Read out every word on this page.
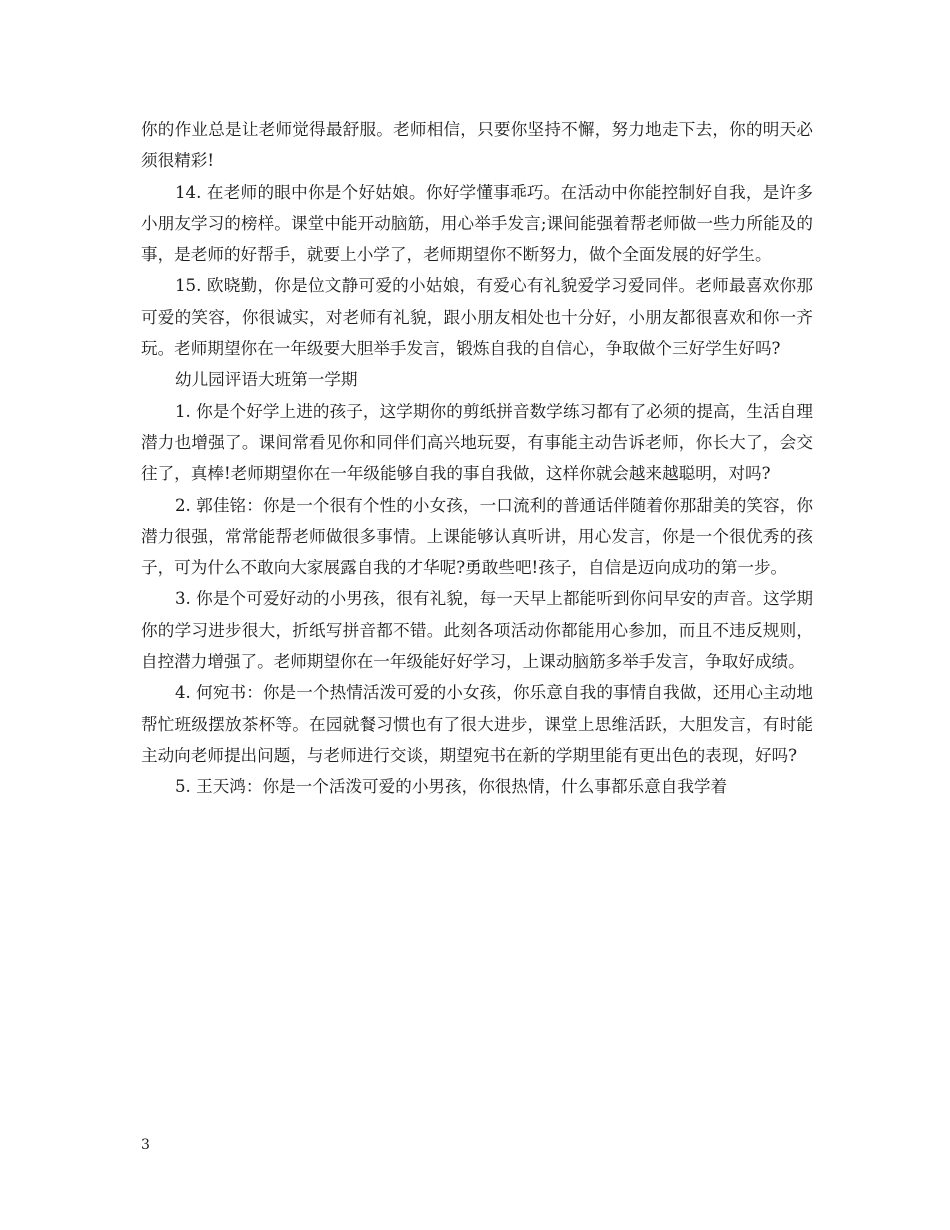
你的作业总是让老师觉得最舒服。老师相信，只要你坚持不懈，努力地走下去，你的明天必须很精彩!

14. 在老师的眼中你是个好姑娘。你好学懂事乖巧。在活动中你能控制好自我，是许多小朋友学习的榜样。课堂中能开动脑筋，用心举手发言;课间能强着帮老师做一些力所能及的事，是老师的好帮手，就要上小学了，老师期望你不断努力，做个全面发展的好学生。

15. 欧晓勤，你是位文静可爱的小姑娘，有爱心有礼貌爱学习爱同伴。老师最喜欢你那可爱的笑容，你很诚实，对老师有礼貌，跟小朋友相处也十分好，小朋友都很喜欢和你一齐玩。老师期望你在一年级要大胆举手发言，锻炼自我的自信心，争取做个三好学生好吗?

幼儿园评语大班第一学期

1. 你是个好学上进的孩子，这学期你的剪纸拼音数学练习都有了必须的提高，生活自理潜力也增强了。课间常看见你和同伴们高兴地玩耍，有事能主动告诉老师，你长大了，会交往了，真棒!老师期望你在一年级能够自我的事自我做，这样你就会越来越聪明，对吗?

2. 郭佳铭：你是一个很有个性的小女孩，一口流利的普通话伴随着你那甜美的笑容，你潜力很强，常常能帮老师做很多事情。上课能够认真听讲，用心发言，你是一个很优秀的孩子，可为什么不敢向大家展露自我的才华呢?勇敢些吧!孩子，自信是迈向成功的第一步。

3. 你是个可爱好动的小男孩，很有礼貌，每一天早上都能听到你问早安的声音。这学期你的学习进步很大，折纸写拼音都不错。此刻各项活动你都能用心参加，而且不违反规则，自控潜力增强了。老师期望你在一年级能好好学习，上课动脑筋多举手发言，争取好成绩。

4. 何宛书：你是一个热情活泼可爱的小女孩，你乐意自我的事情自我做，还用心主动地帮忙班级摆放茶杯等。在园就餐习惯也有了很大进步，课堂上思维活跃，大胆发言，有时能主动向老师提出问题，与老师进行交谈，期望宛书在新的学期里能有更出色的表现，好吗?

5. 王天鸿：你是一个活泼可爱的小男孩，你很热情，什么事都乐意自我学着

3
